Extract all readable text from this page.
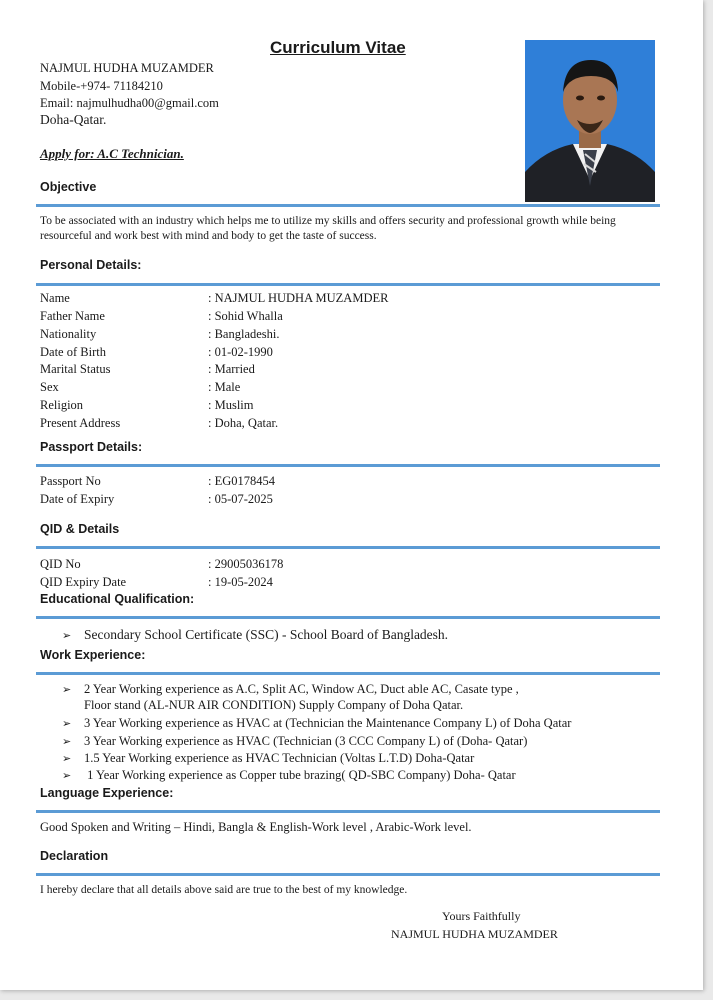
Curriculum Vitae
NAJMUL HUDHA MUZAMDER
Mobile-+974- 71184210
Email: najmulhudha00@gmail.com
Doha-Qatar.
Apply for: A.C Technician.
Objective
To be associated with an industry which helps me to utilize my skills and offers security and professional growth while being resourceful and work best with mind and body to get the taste of success.
Personal Details:
Name	: NAJMUL HUDHA MUZAMDER
Father Name	: Sohid Whalla
Nationality	: Bangladeshi.
Date of Birth	: 01-02-1990
Marital Status	: Married
Sex	: Male
Religion	: Muslim
Present Address	: Doha, Qatar.
Passport Details:
Passport No	: EG0178454
Date of Expiry	: 05-07-2025
QID & Details
QID No	: 29005036178
QID Expiry Date	: 19-05-2024
Educational Qualification:
➢ Secondary School Certificate (SSC) - School Board of Bangladesh.
Work Experience:
➢ 2 Year Working experience as A.C, Split AC, Window AC, Duct able AC, Casate type ,
Floor stand (AL-NUR AIR CONDITION) Supply Company of Doha Qatar.
➢ 3 Year Working experience as HVAC at (Technician the Maintenance Company L) of Doha Qatar
➢ 3 Year Working experience as HVAC (Technician (3 CCC Company L) of (Doha- Qatar)
➢ 1.5 Year Working experience as HVAC Technician (Voltas L.T.D) Doha-Qatar
➢ 1 Year Working experience as Copper tube brazing( QD-SBC Company) Doha- Qatar
Language Experience:
Good Spoken and Writing – Hindi, Bangla & English-Work level , Arabic-Work level.
Declaration
I hereby declare that all details above said are true to the best of my knowledge.
Yours Faithfully
NAJMUL HUDHA MUZAMDER
